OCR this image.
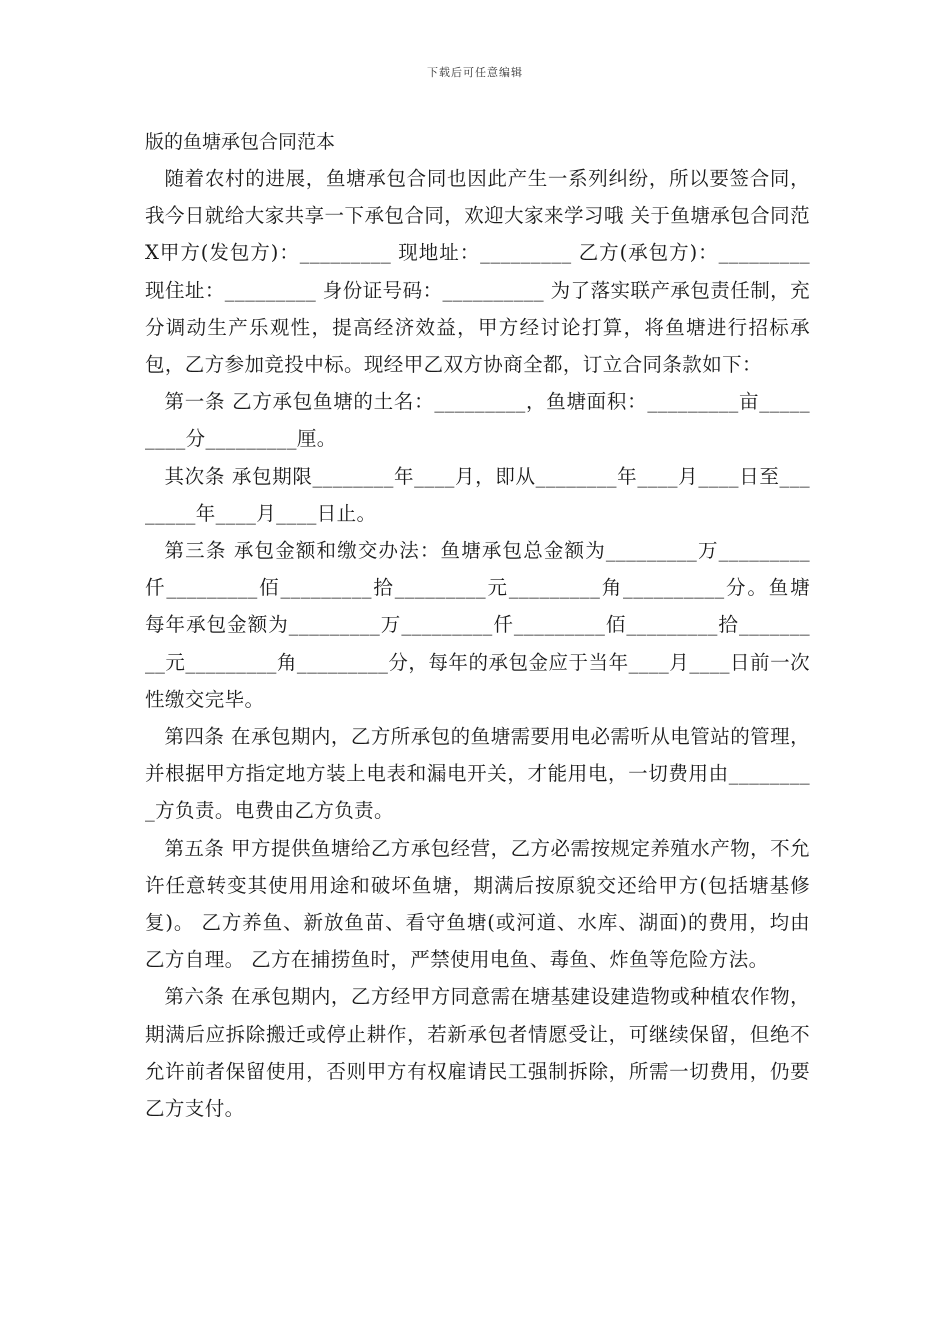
下载后可任意编辑

版的鱼塘承包合同范本

随着农村的进展，鱼塘承包合同也因此产生一系列纠纷，所以要签合同，我今日就给大家共享一下承包合同，欢迎大家来学习哦 关于鱼塘承包合同范Ⅹ甲方(发包方)：_________ 现地址：_________ 乙方(承包方)：_________ 现住址：_________ 身份证号码：__________ 为了落实联产承包责任制，充分调动生产乐观性，提高经济效益，甲方经讨论打算，将鱼塘进行招标承包，乙方参加竞投中标。现经甲乙双方协商全都，订立合同条款如下：

第一条 乙方承包鱼塘的土名：_________，鱼塘面积：_________亩_________分_________厘。

其次条 承包期限________年____月，即从________年____月____日至________年____月____日止。

第三条 承包金额和缴交办法：鱼塘承包总金额为_________万_________仟_________佰_________拾_________元_________角__________分。鱼塘每年承包金额为_________万_________仟_________佰_________拾_________元_________角_________分，每年的承包金应于当年____月____日前一次性缴交完毕。

第四条 在承包期内，乙方所承包的鱼塘需要用电必需听从电管站的管理，并根据甲方指定地方装上电表和漏电开关，才能用电，一切费用由_________方负责。电费由乙方负责。

第五条 甲方提供鱼塘给乙方承包经营，乙方必需按规定养殖水产物，不允许任意转变其使用用途和破坏鱼塘，期满后按原貌交还给甲方(包括塘基修复)。 乙方养鱼、新放鱼苗、看守鱼塘(或河道、水库、湖面)的费用，均由乙方自理。 乙方在捕捞鱼时，严禁使用电鱼、毒鱼、炸鱼等危险方法。

第六条 在承包期内，乙方经甲方同意需在塘基建设建造物或种植农作物，期满后应拆除搬迁或停止耕作，若新承包者情愿受让，可继续保留，但绝不允许前者保留使用，否则甲方有权雇请民工强制拆除，所需一切费用，仍要乙方支付。
